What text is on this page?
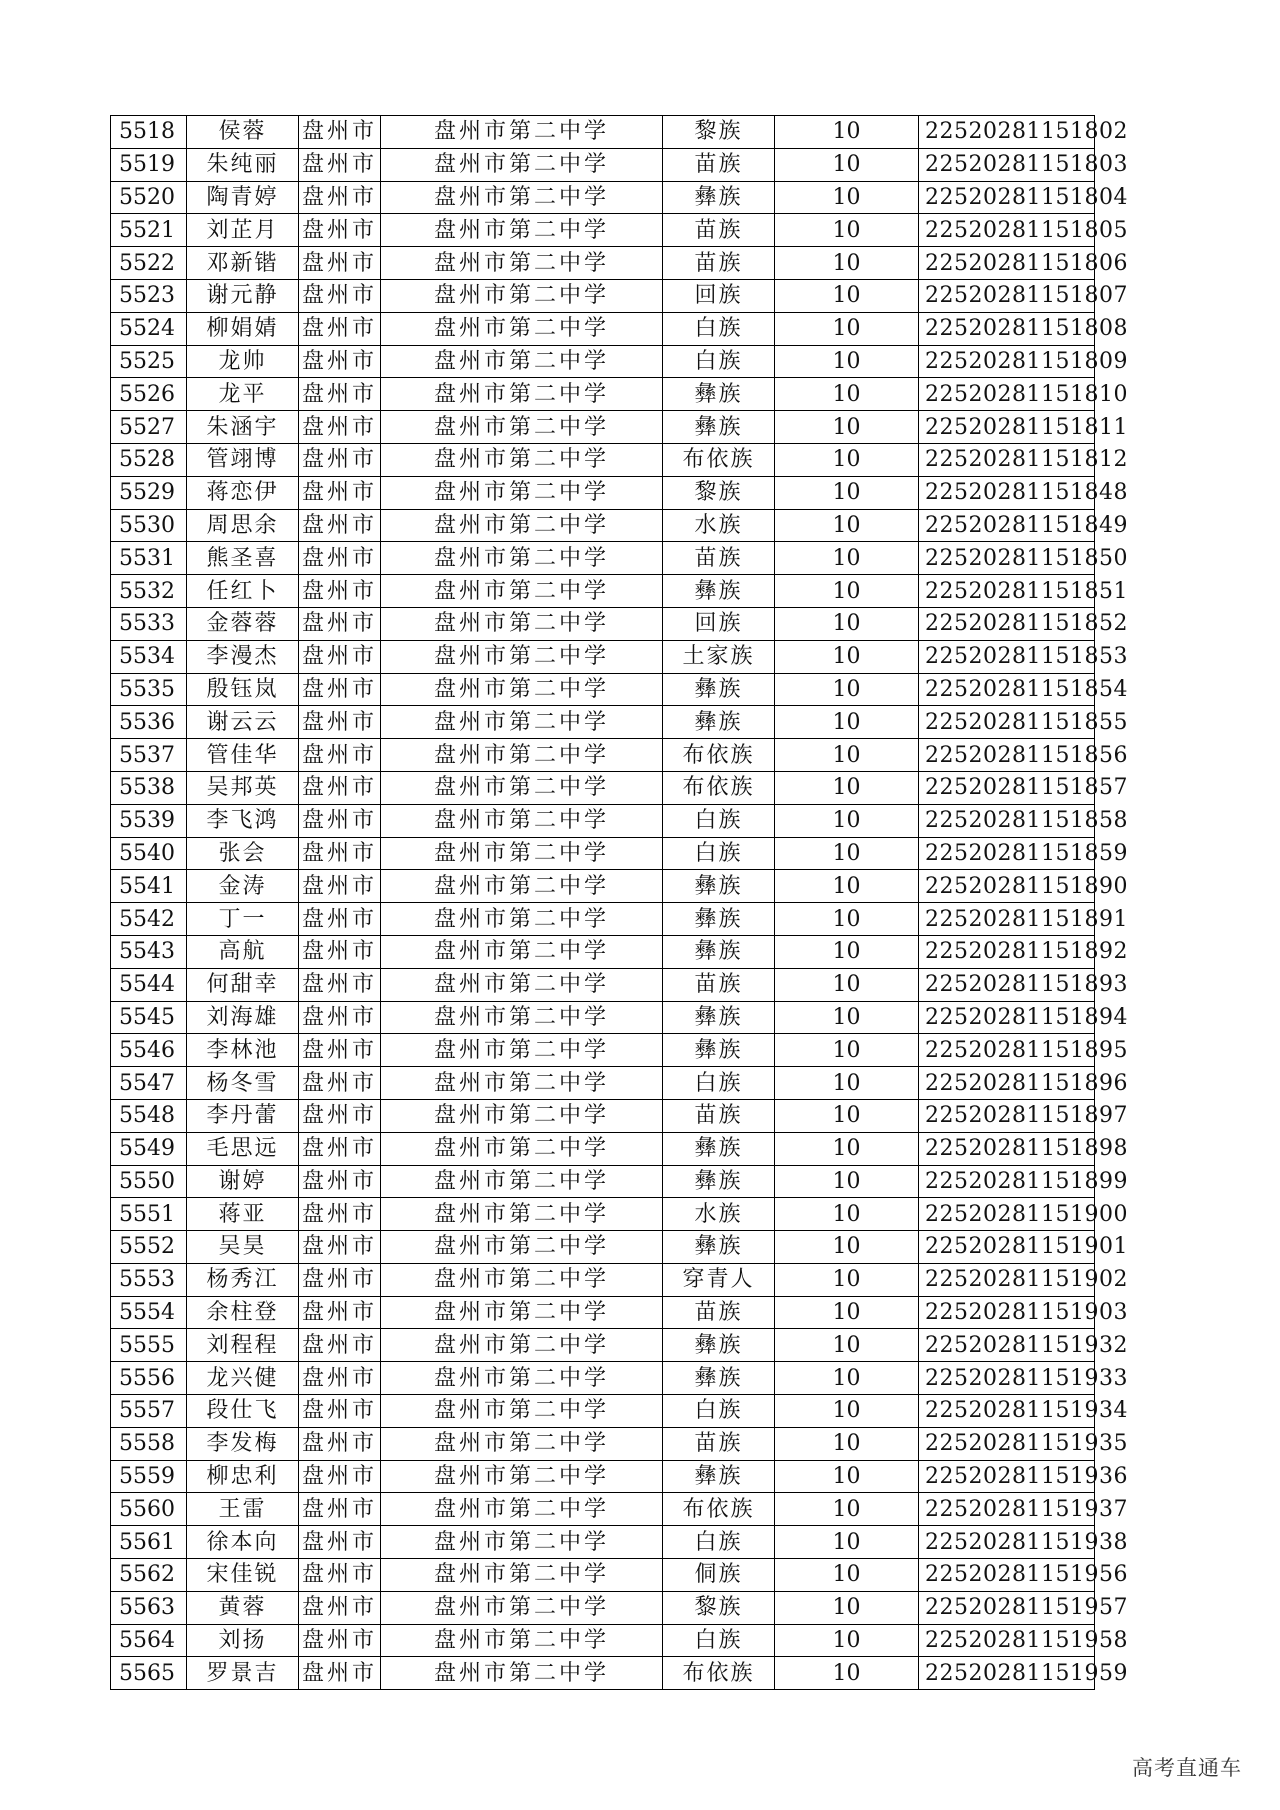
5518	侯蓉	盘州市	盘州市第二中学	黎族	10	22520281151802
5519	朱纯丽	盘州市	盘州市第二中学	苗族	10	22520281151803
5520	陶青婷	盘州市	盘州市第二中学	彝族	10	22520281151804
5521	刘芷月	盘州市	盘州市第二中学	苗族	10	22520281151805
5522	邓新锴	盘州市	盘州市第二中学	苗族	10	22520281151806
5523	谢元静	盘州市	盘州市第二中学	回族	10	22520281151807
5524	柳娟婧	盘州市	盘州市第二中学	白族	10	22520281151808
5525	龙帅	盘州市	盘州市第二中学	白族	10	22520281151809
5526	龙平	盘州市	盘州市第二中学	彝族	10	22520281151810
5527	朱涵宇	盘州市	盘州市第二中学	彝族	10	22520281151811
5528	管翊博	盘州市	盘州市第二中学	布依族	10	22520281151812
5529	蒋恋伊	盘州市	盘州市第二中学	黎族	10	22520281151848
5530	周思余	盘州市	盘州市第二中学	水族	10	22520281151849
5531	熊圣喜	盘州市	盘州市第二中学	苗族	10	22520281151850
5532	任红卜	盘州市	盘州市第二中学	彝族	10	22520281151851
5533	金蓉蓉	盘州市	盘州市第二中学	回族	10	22520281151852
5534	李漫杰	盘州市	盘州市第二中学	土家族	10	22520281151853
5535	殷钰岚	盘州市	盘州市第二中学	彝族	10	22520281151854
5536	谢云云	盘州市	盘州市第二中学	彝族	10	22520281151855
5537	管佳华	盘州市	盘州市第二中学	布依族	10	22520281151856
5538	吴邦英	盘州市	盘州市第二中学	布依族	10	22520281151857
5539	李飞鸿	盘州市	盘州市第二中学	白族	10	22520281151858
5540	张会	盘州市	盘州市第二中学	白族	10	22520281151859
5541	金涛	盘州市	盘州市第二中学	彝族	10	22520281151890
5542	丁一	盘州市	盘州市第二中学	彝族	10	22520281151891
5543	高航	盘州市	盘州市第二中学	彝族	10	22520281151892
5544	何甜幸	盘州市	盘州市第二中学	苗族	10	22520281151893
5545	刘海雄	盘州市	盘州市第二中学	彝族	10	22520281151894
5546	李林池	盘州市	盘州市第二中学	彝族	10	22520281151895
5547	杨冬雪	盘州市	盘州市第二中学	白族	10	22520281151896
5548	李丹蕾	盘州市	盘州市第二中学	苗族	10	22520281151897
5549	毛思远	盘州市	盘州市第二中学	彝族	10	22520281151898
5550	谢婷	盘州市	盘州市第二中学	彝族	10	22520281151899
5551	蒋亚	盘州市	盘州市第二中学	水族	10	22520281151900
5552	吴昊	盘州市	盘州市第二中学	彝族	10	22520281151901
5553	杨秀江	盘州市	盘州市第二中学	穿青人	10	22520281151902
5554	余柱登	盘州市	盘州市第二中学	苗族	10	22520281151903
5555	刘程程	盘州市	盘州市第二中学	彝族	10	22520281151932
5556	龙兴健	盘州市	盘州市第二中学	彝族	10	22520281151933
5557	段仕飞	盘州市	盘州市第二中学	白族	10	22520281151934
5558	李发梅	盘州市	盘州市第二中学	苗族	10	22520281151935
5559	柳忠利	盘州市	盘州市第二中学	彝族	10	22520281151936
5560	王雷	盘州市	盘州市第二中学	布依族	10	22520281151937
5561	徐本向	盘州市	盘州市第二中学	白族	10	22520281151938
5562	宋佳锐	盘州市	盘州市第二中学	侗族	10	22520281151956
5563	黄蓉	盘州市	盘州市第二中学	黎族	10	22520281151957
5564	刘扬	盘州市	盘州市第二中学	白族	10	22520281151958
5565	罗景吉	盘州市	盘州市第二中学	布依族	10	22520281151959
高考直通车
